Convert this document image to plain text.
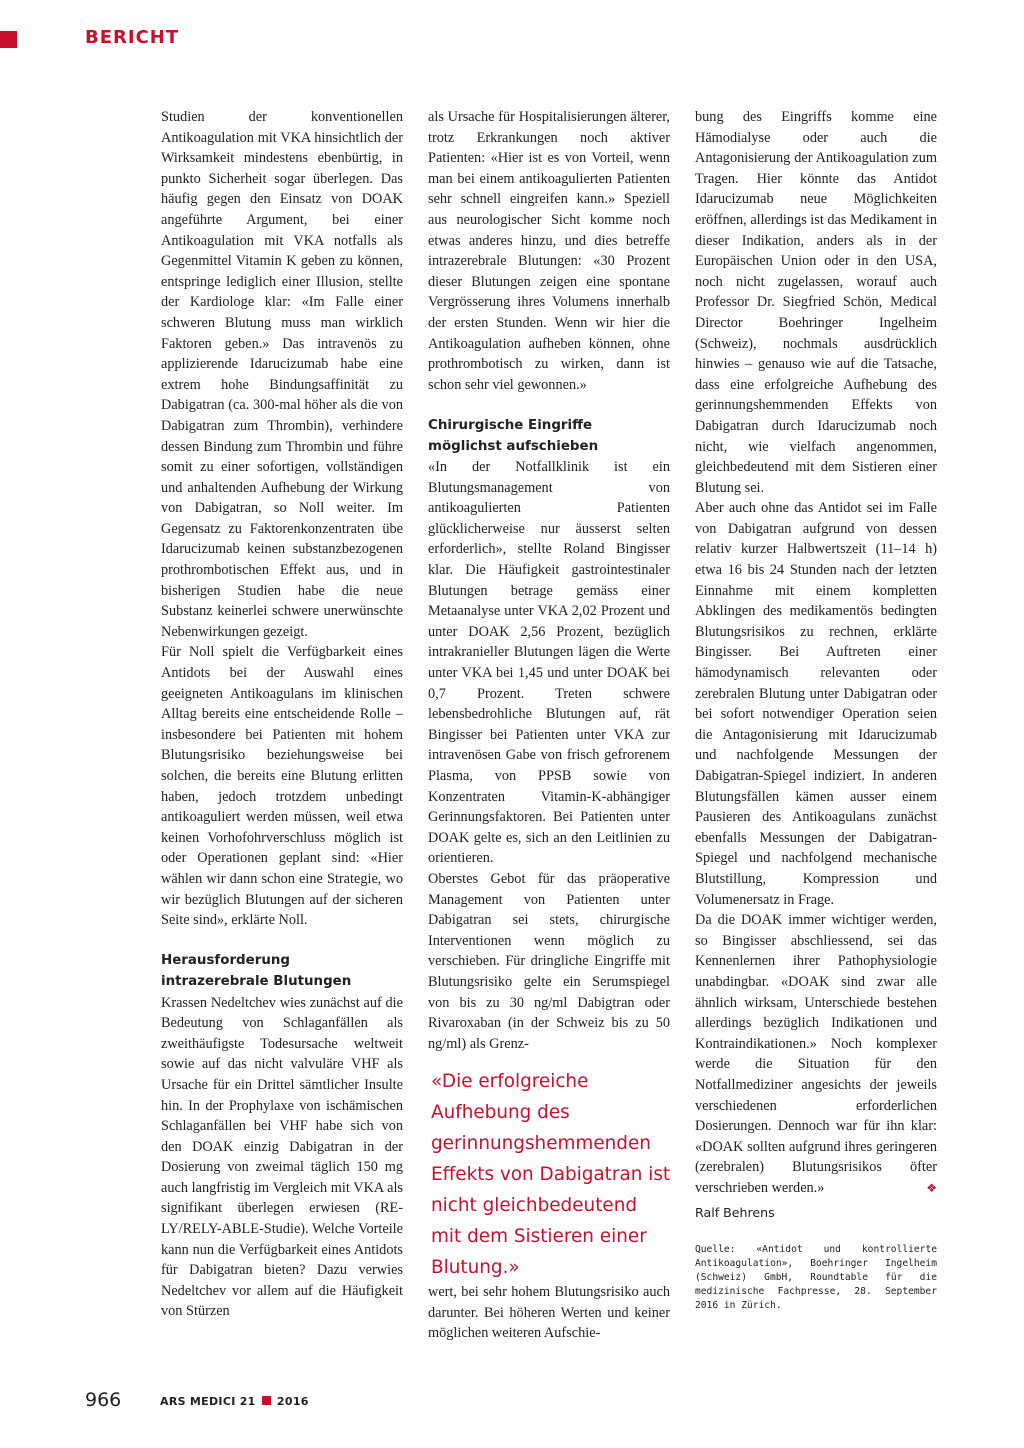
BERICHT

Studien der konventionellen Antikoagulation mit VKA hinsichtlich der Wirksamkeit mindestens ebenbürtig, in punkto Sicherheit sogar überlegen. Das häufig gegen den Einsatz von DOAK angeführte Argument, bei einer Antikoagulation mit VKA notfalls als Gegenmittel Vitamin K geben zu können, entspringe lediglich einer Illusion, stellte der Kardiologe klar: «Im Falle einer schweren Blutung muss man wirklich Faktoren geben.» Das intravenös zu applizierende Idarucizumab habe eine extrem hohe Bindungsaffinität zu Dabigatran (ca. 300-mal höher als die von Dabigatran zum Thrombin), verhindere dessen Bindung zum Thrombin und führe somit zu einer sofortigen, vollständigen und anhaltenden Aufhebung der Wirkung von Dabigatran, so Noll weiter. Im Gegensatz zu Faktorenkonzentraten übe Idarucizumab keinen substanzbezogenen prothrombotischen Effekt aus, und in bisherigen Studien habe die neue Substanz keinerlei schwere unerwünschte Nebenwirkungen gezeigt.

Für Noll spielt die Verfügbarkeit eines Antidots bei der Auswahl eines geeigneten Antikoagulans im klinischen Alltag bereits eine entscheidende Rolle – insbesondere bei Patienten mit hohem Blutungsrisiko beziehungsweise bei solchen, die bereits eine Blutung erlitten haben, jedoch trotzdem unbedingt antikoaguliert werden müssen, weil etwa keinen Vorhofohrverschluss möglich ist oder Operationen geplant sind: «Hier wählen wir dann schon eine Strategie, wo wir bezüglich Blutungen auf der sicheren Seite sind», erklärte Noll.

Herausforderung
intrazerebrale Blutungen

Krassen Nedeltchev wies zunächst auf die Bedeutung von Schlaganfällen als zweithäufigste Todesursache weltweit sowie auf das nicht valvuläre VHF als Ursache für ein Drittel sämtlicher Insulte hin. In der Prophylaxe von ischämischen Schlaganfällen bei VHF habe sich von den DOAK einzig Dabigatran in der Dosierung von zweimal täglich 150 mg auch langfristig im Vergleich mit VKA als signifikant überlegen erwiesen (RE-LY/RELY-ABLE-Studie). Welche Vorteile kann nun die Verfügbarkeit eines Antidots für Dabigatran bieten? Dazu verwies Nedeltchev vor allem auf die Häufigkeit von Stürzen

als Ursache für Hospitalisierungen älterer, trotz Erkrankungen noch aktiver Patienten: «Hier ist es von Vorteil, wenn man bei einem antikoagulierten Patienten sehr schnell eingreifen kann.» Speziell aus neurologischer Sicht komme noch etwas anderes hinzu, und dies betreffe intrazerebrale Blutungen: «30 Prozent dieser Blutungen zeigen eine spontane Vergrösserung ihres Volumens innerhalb der ersten Stunden. Wenn wir hier die Antikoagulation aufheben können, ohne prothrombotisch zu wirken, dann ist schon sehr viel gewonnen.»

Chirurgische Eingriffe
möglichst aufschieben

«In der Notfallklinik ist ein Blutungsmanagement von antikoagulierten Patienten glücklicherweise nur äusserst selten erforderlich», stellte Roland Bingisser klar. Die Häufigkeit gastrointestinaler Blutungen betrage gemäss einer Metaanalyse unter VKA 2,02 Prozent und unter DOAK 2,56 Prozent, bezüglich intrakranieller Blutungen lägen die Werte unter VKA bei 1,45 und unter DOAK bei 0,7 Prozent. Treten schwere lebensbedrohliche Blutungen auf, rät Bingisser bei Patienten unter VKA zur intravenösen Gabe von frisch gefrorenem Plasma, von PPSB sowie von Konzentraten Vitamin-K-abhängiger Gerinnungsfaktoren. Bei Patienten unter DOAK gelte es, sich an den Leitlinien zu orientieren.

Oberstes Gebot für das präoperative Management von Patienten unter Dabigatran sei stets, chirurgische Interventionen wenn möglich zu verschieben. Für dringliche Eingriffe mit Blutungsrisiko gelte ein Serumspiegel von bis zu 30 ng/ml Dabigtran oder Rivaroxaban (in der Schweiz bis zu 50 ng/ml) als Grenz-

«Die erfolgreiche Aufhebung des gerinnungshemmenden Effekts von Dabigatran ist nicht gleichbedeutend mit dem Sistieren einer Blutung.»

wert, bei sehr hohem Blutungsrisiko auch darunter. Bei höheren Werten und keiner möglichen weiteren Aufschie-

bung des Eingriffs komme eine Hämodialyse oder auch die Antagonisierung der Antikoagulation zum Tragen. Hier könnte das Antidot Idarucizumab neue Möglichkeiten eröffnen, allerdings ist das Medikament in dieser Indikation, anders als in der Europäischen Union oder in den USA, noch nicht zugelassen, worauf auch Professor Dr. Siegfried Schön, Medical Director Boehringer Ingelheim (Schweiz), nochmals ausdrücklich hinwies – genauso wie auf die Tatsache, dass eine erfolgreiche Aufhebung des gerinnungshemmenden Effekts von Dabigatran durch Idarucizumab noch nicht, wie vielfach angenommen, gleichbedeutend mit dem Sistieren einer Blutung sei.

Aber auch ohne das Antidot sei im Falle von Dabigatran aufgrund von dessen relativ kurzer Halbwertszeit (11–14 h) etwa 16 bis 24 Stunden nach der letzten Einnahme mit einem kompletten Abklingen des medikamentös bedingten Blutungsrisikos zu rechnen, erklärte Bingisser. Bei Auftreten einer hämodynamisch relevanten oder zerebralen Blutung unter Dabigatran oder bei sofort notwendiger Operation seien die Antagonisierung mit Idarucizumab und nachfolgende Messungen der Dabigatran-Spiegel indiziert. In anderen Blutungsfällen kämen ausser einem Pausieren des Antikoagulans zunächst ebenfalls Messungen der Dabigatran-Spiegel und nachfolgend mechanische Blutstillung, Kompression und Volumenersatz in Frage.

Da die DOAK immer wichtiger werden, so Bingisser abschliessend, sei das Kennenlernen ihrer Pathophysiologie unabdingbar. «DOAK sind zwar alle ähnlich wirksam, Unterschiede bestehen allerdings bezüglich Indikationen und Kontraindikationen.» Noch komplexer werde die Situation für den Notfallmediziner angesichts der jeweils verschiedenen erforderlichen Dosierungen. Dennoch war für ihn klar: «DOAK sollten aufgrund ihres geringeren (zerebralen) Blutungsrisikos öfter verschrieben werden.»	❖

Ralf Behrens
Quelle: «Antidot und kontrollierte Antikoagulation», Boehringer Ingelheim (Schweiz) GmbH, Roundtable für die medizinische Fachpresse, 28. September 2016 in Zürich.
966	ARS MEDICI 21 2016
